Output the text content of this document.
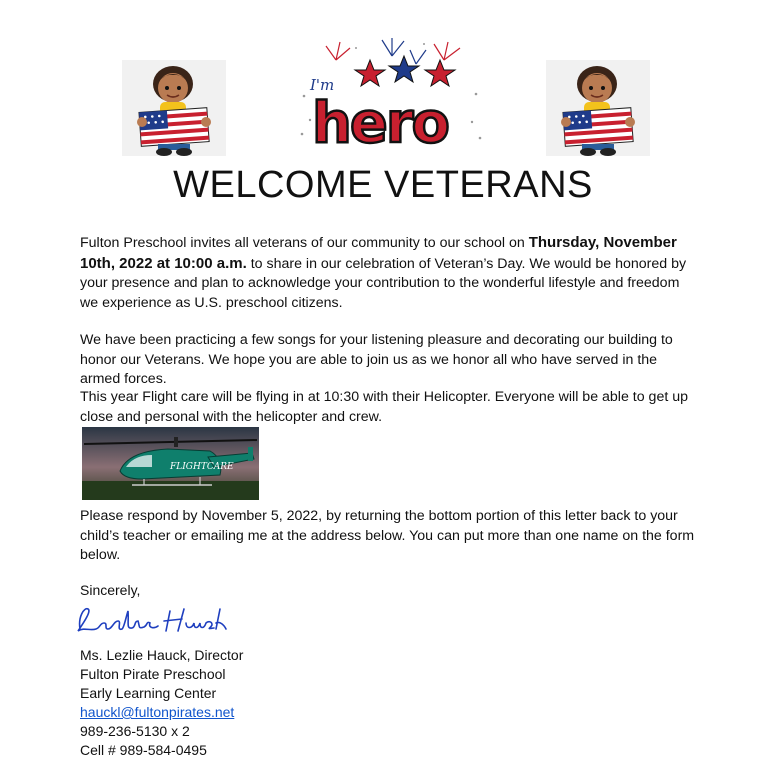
I'm
hero
WELCOME VETERANS

Fulton Preschool invites all veterans of our community to our school on Thursday, November 10th, 2022 at 10:00 a.m. to share in our celebration of Veteran’s Day. We would be honored by your presence and plan to acknowledge your contribution to the wonderful lifestyle and freedom we experience as U.S. preschool citizens.

We have been practicing a few songs for your listening pleasure and decorating our building to honor our Veterans. We hope you are able to join us as we honor all who have served in the armed forces.

This year Flight care will be flying in at 10:30 with their Helicopter. Everyone will be able to get up close and personal with the helicopter and crew.

FLIGHTCARE

Please respond by November 5, 2022, by returning the bottom portion of this letter back to your child’s teacher or emailing me at the address below. You can put more than one name on the form below.

Sincerely,
Ms. Lezlie Hauck, Director
Fulton Pirate Preschool
Early Learning Center
hauckl@fultonpirates.net
989-236-5130 x 2
Cell # 989-584-0495
